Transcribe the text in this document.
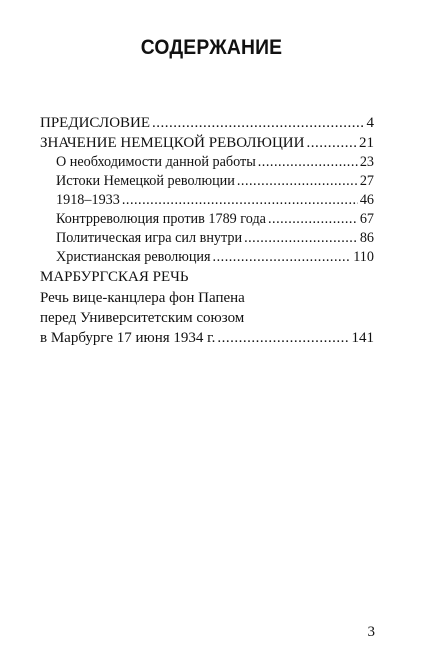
СОДЕРЖАНИЕ
ПРЕДИСЛОВИЕ .....	4
ЗНАЧЕНИЕ НЕМЕЦКОЙ РЕВОЛЮЦИИ .....	21
О необходимости данной работы .....	23
Истоки Немецкой революции .....	27
1918–1933 .....	46
Контрреволюция против 1789 года .....	67
Политическая игра сил внутри .....	86
Христианская революция .....	110
МАРБУРГСКАЯ РЕЧЬ
Речь вице-канцлера фон Папена
перед Университетским союзом
в Марбурге 17 июня 1934 г. .....	141
3
